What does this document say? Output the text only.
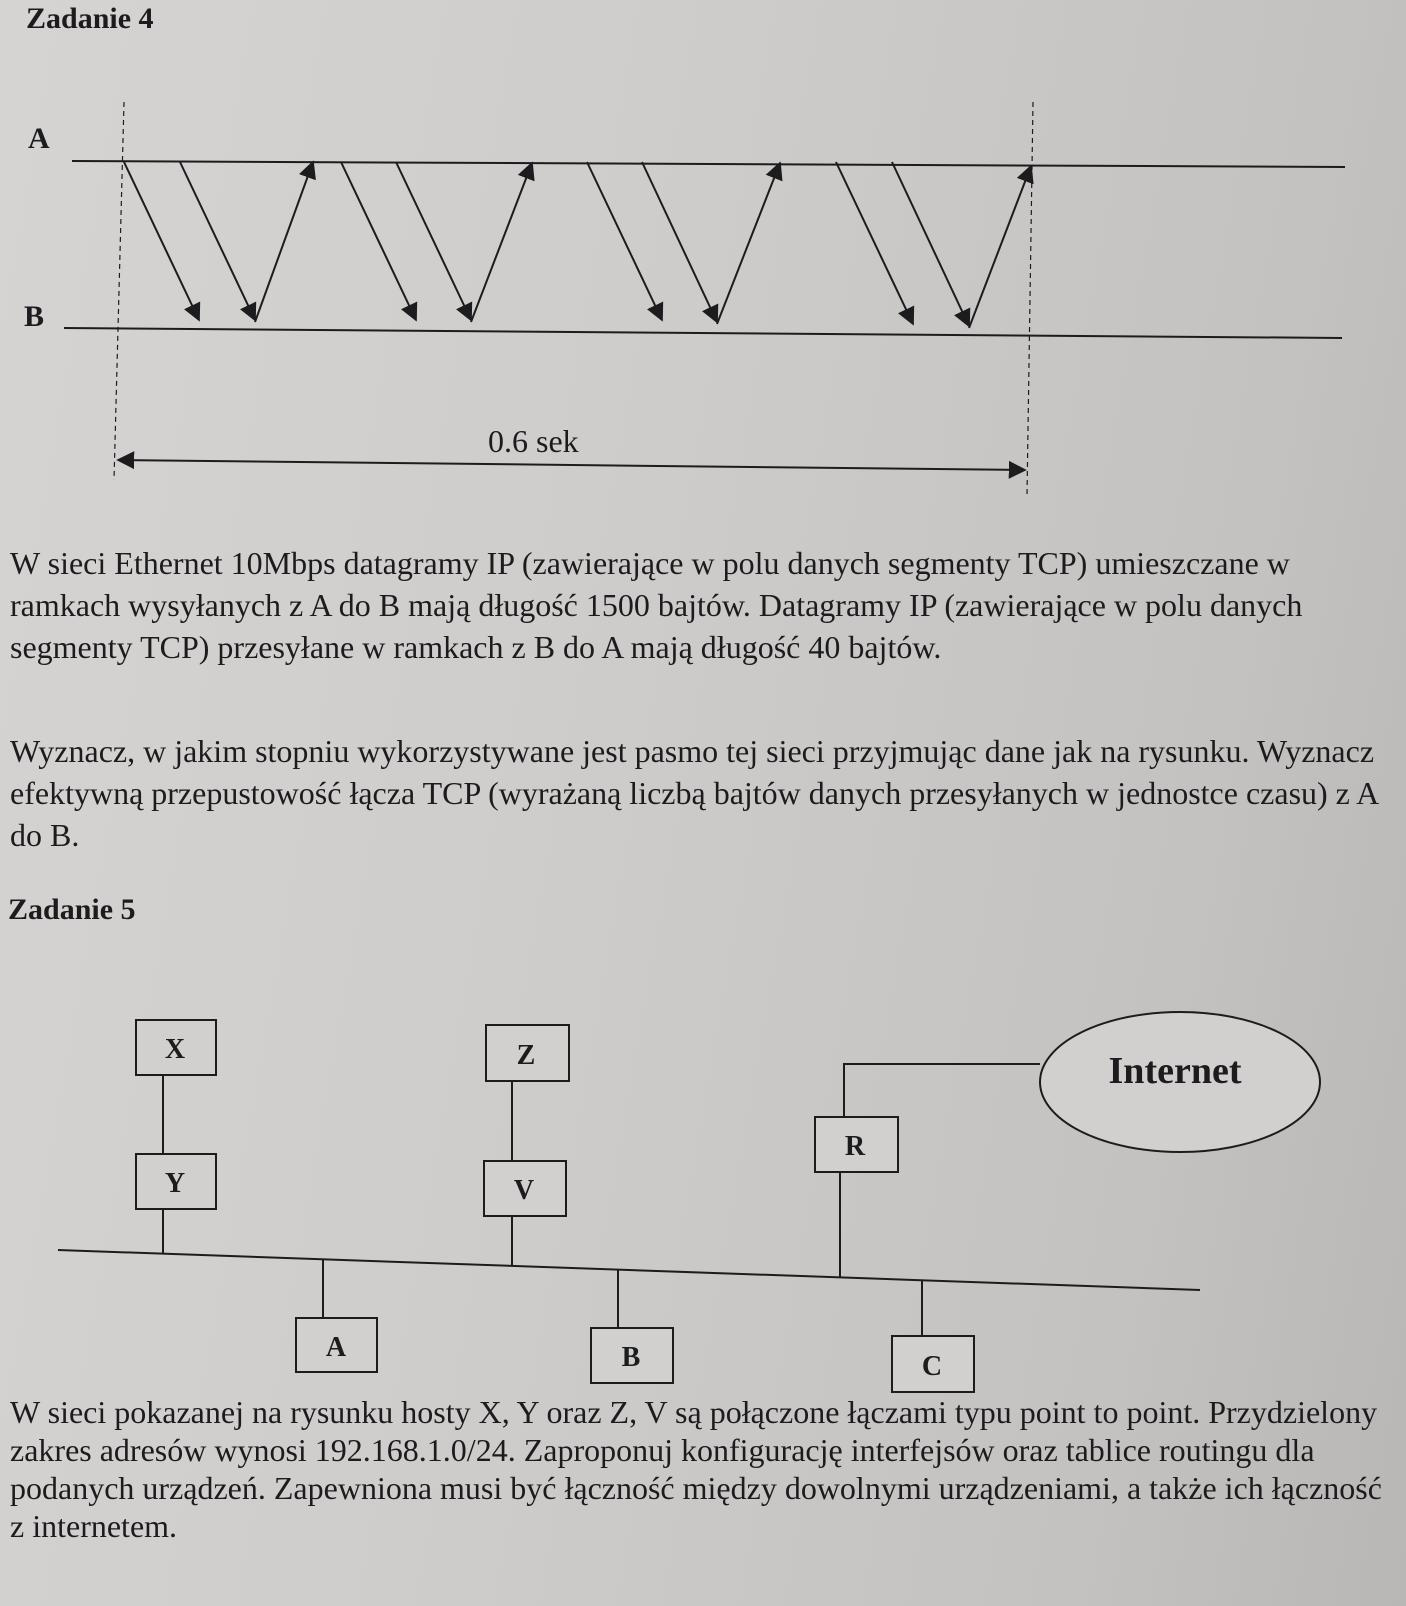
Zadanie 4
A
B
0.6 sek
X
Y
Z
V
R
A	B	C
Internet

W sieci Ethernet 10Mbps datagramy IP (zawierające w polu danych segmenty TCP) umieszczane w ramkach wysyłanych z A do B mają długość 1500 bajtów. Datagramy IP (zawierające w polu danych segmenty TCP) przesyłane w ramkach z B do A mają długość 40 bajtów.

Wyznacz, w jakim stopniu wykorzystywane jest pasmo tej sieci przyjmując dane jak na rysunku. Wyznacz efektywną przepustowość łącza TCP (wyrażaną liczbą bajtów danych przesyłanych w jednostce czasu) z A do B.

Zadanie 5

W sieci pokazanej na rysunku hosty X, Y oraz Z, V są połączone łączami typu point to point. Przydzielony zakres adresów wynosi 192.168.1.0/24. Zaproponuj konfigurację interfejsów oraz tablice routingu dla podanych urządzeń. Zapewniona musi być łączność między dowolnymi urządzeniami, a także ich łączność z internetem.
